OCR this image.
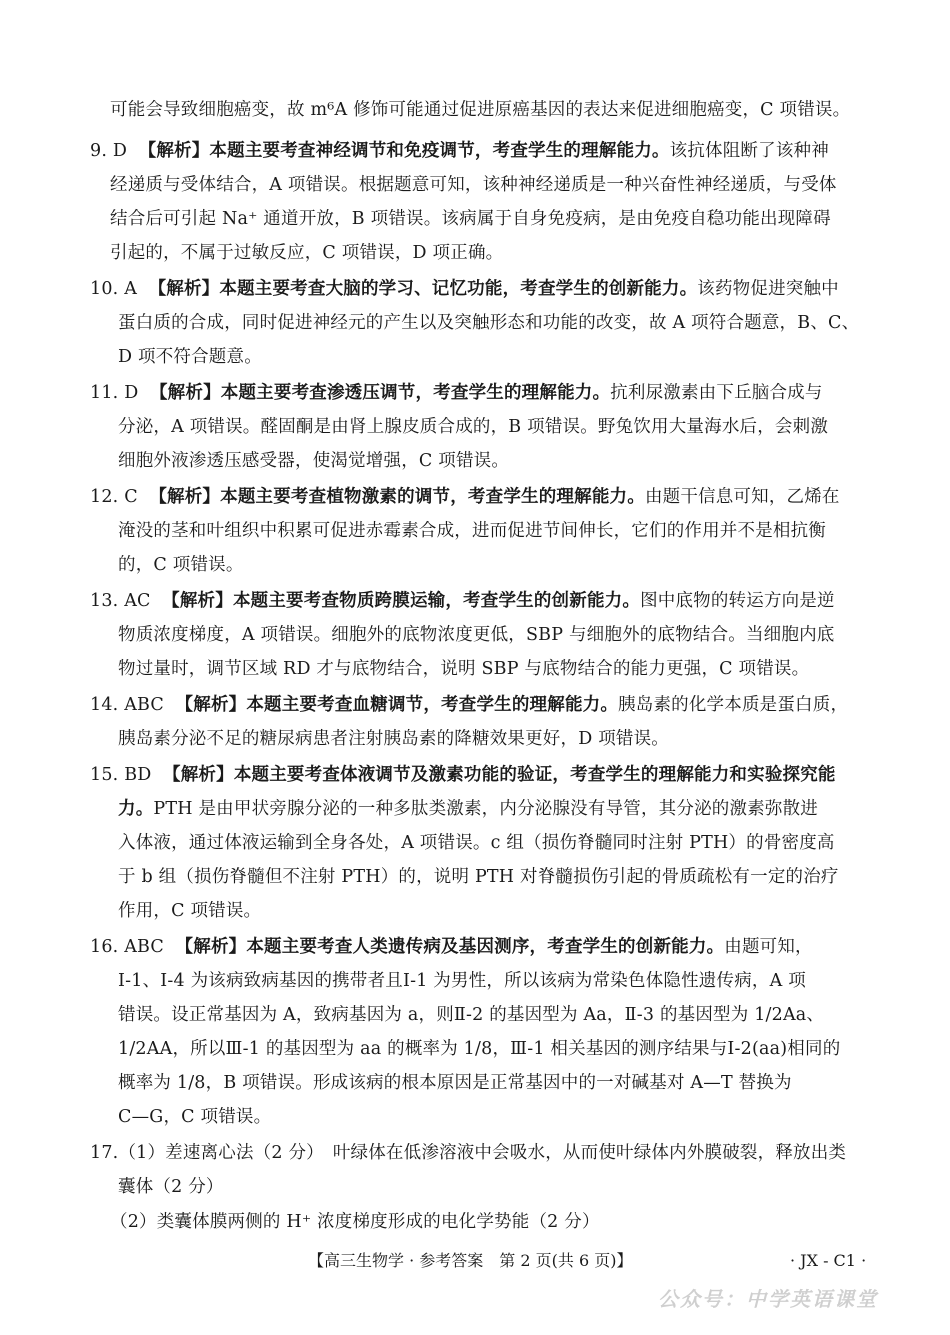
可能会导致细胞癌变，故 m⁶A 修饰可能通过促进原癌基因的表达来促进细胞癌变，C 项错误。
9. D 【解析】本题主要考查神经调节和免疫调节，考查学生的理解能力。该抗体阻断了该种神
经递质与受体结合，A 项错误。根据题意可知，该种神经递质是一种兴奋性神经递质，与受体
结合后可引起 Na⁺ 通道开放，B 项错误。该病属于自身免疫病，是由免疫自稳功能出现障碍
引起的，不属于过敏反应，C 项错误，D 项正确。
10. A 【解析】本题主要考查大脑的学习、记忆功能，考查学生的创新能力。该药物促进突触中
蛋白质的合成，同时促进神经元的产生以及突触形态和功能的改变，故 A 项符合题意，B、C、
D 项不符合题意。
11. D 【解析】本题主要考查渗透压调节，考查学生的理解能力。抗利尿激素由下丘脑合成与
分泌，A 项错误。醛固酮是由肾上腺皮质合成的，B 项错误。野兔饮用大量海水后，会刺激
细胞外液渗透压感受器，使渴觉增强，C 项错误。
12. C 【解析】本题主要考查植物激素的调节，考查学生的理解能力。由题干信息可知，乙烯在
淹没的茎和叶组织中积累可促进赤霉素合成，进而促进节间伸长，它们的作用并不是相抗衡
的，C 项错误。
13. AC 【解析】本题主要考查物质跨膜运输，考查学生的创新能力。图中底物的转运方向是逆
物质浓度梯度，A 项错误。细胞外的底物浓度更低，SBP 与细胞外的底物结合。当细胞内底
物过量时，调节区域 RD 才与底物结合，说明 SBP 与底物结合的能力更强，C 项错误。
14. ABC 【解析】本题主要考查血糖调节，考查学生的理解能力。胰岛素的化学本质是蛋白质，
胰岛素分泌不足的糖尿病患者注射胰岛素的降糖效果更好，D 项错误。
15. BD 【解析】本题主要考查体液调节及激素功能的验证，考查学生的理解能力和实验探究能
力。PTH 是由甲状旁腺分泌的一种多肽类激素，内分泌腺没有导管，其分泌的激素弥散进
入体液，通过体液运输到全身各处，A 项错误。c 组（损伤脊髓同时注射 PTH）的骨密度高
于 b 组（损伤脊髓但不注射 PTH）的，说明 PTH 对脊髓损伤引起的骨质疏松有一定的治疗
作用，C 项错误。
16. ABC 【解析】本题主要考查人类遗传病及基因测序，考查学生的创新能力。由题可知，
Ⅰ-1、Ⅰ-4 为该病致病基因的携带者且Ⅰ-1 为男性，所以该病为常染色体隐性遗传病，A 项
错误。设正常基因为 A，致病基因为 a，则Ⅱ-2 的基因型为 Aa，Ⅱ-3 的基因型为 1/2Aa、
1/2AA，所以Ⅲ-1 的基因型为 aa 的概率为 1/8，Ⅲ-1 相关基因的测序结果与Ⅰ-2(aa)相同的
概率为 1/8，B 项错误。形成该病的根本原因是正常基因中的一对碱基对 A—T 替换为
C—G，C 项错误。
17.（1）差速离心法（2 分）　叶绿体在低渗溶液中会吸水，从而使叶绿体内外膜破裂，释放出类
囊体（2 分）
（2）类囊体膜两侧的 H⁺ 浓度梯度形成的电化学势能（2 分）
【高三生物学 · 参考答案　第 2 页(共 6 页)】	· JX - C1 ·
公众号：中学英语课堂
